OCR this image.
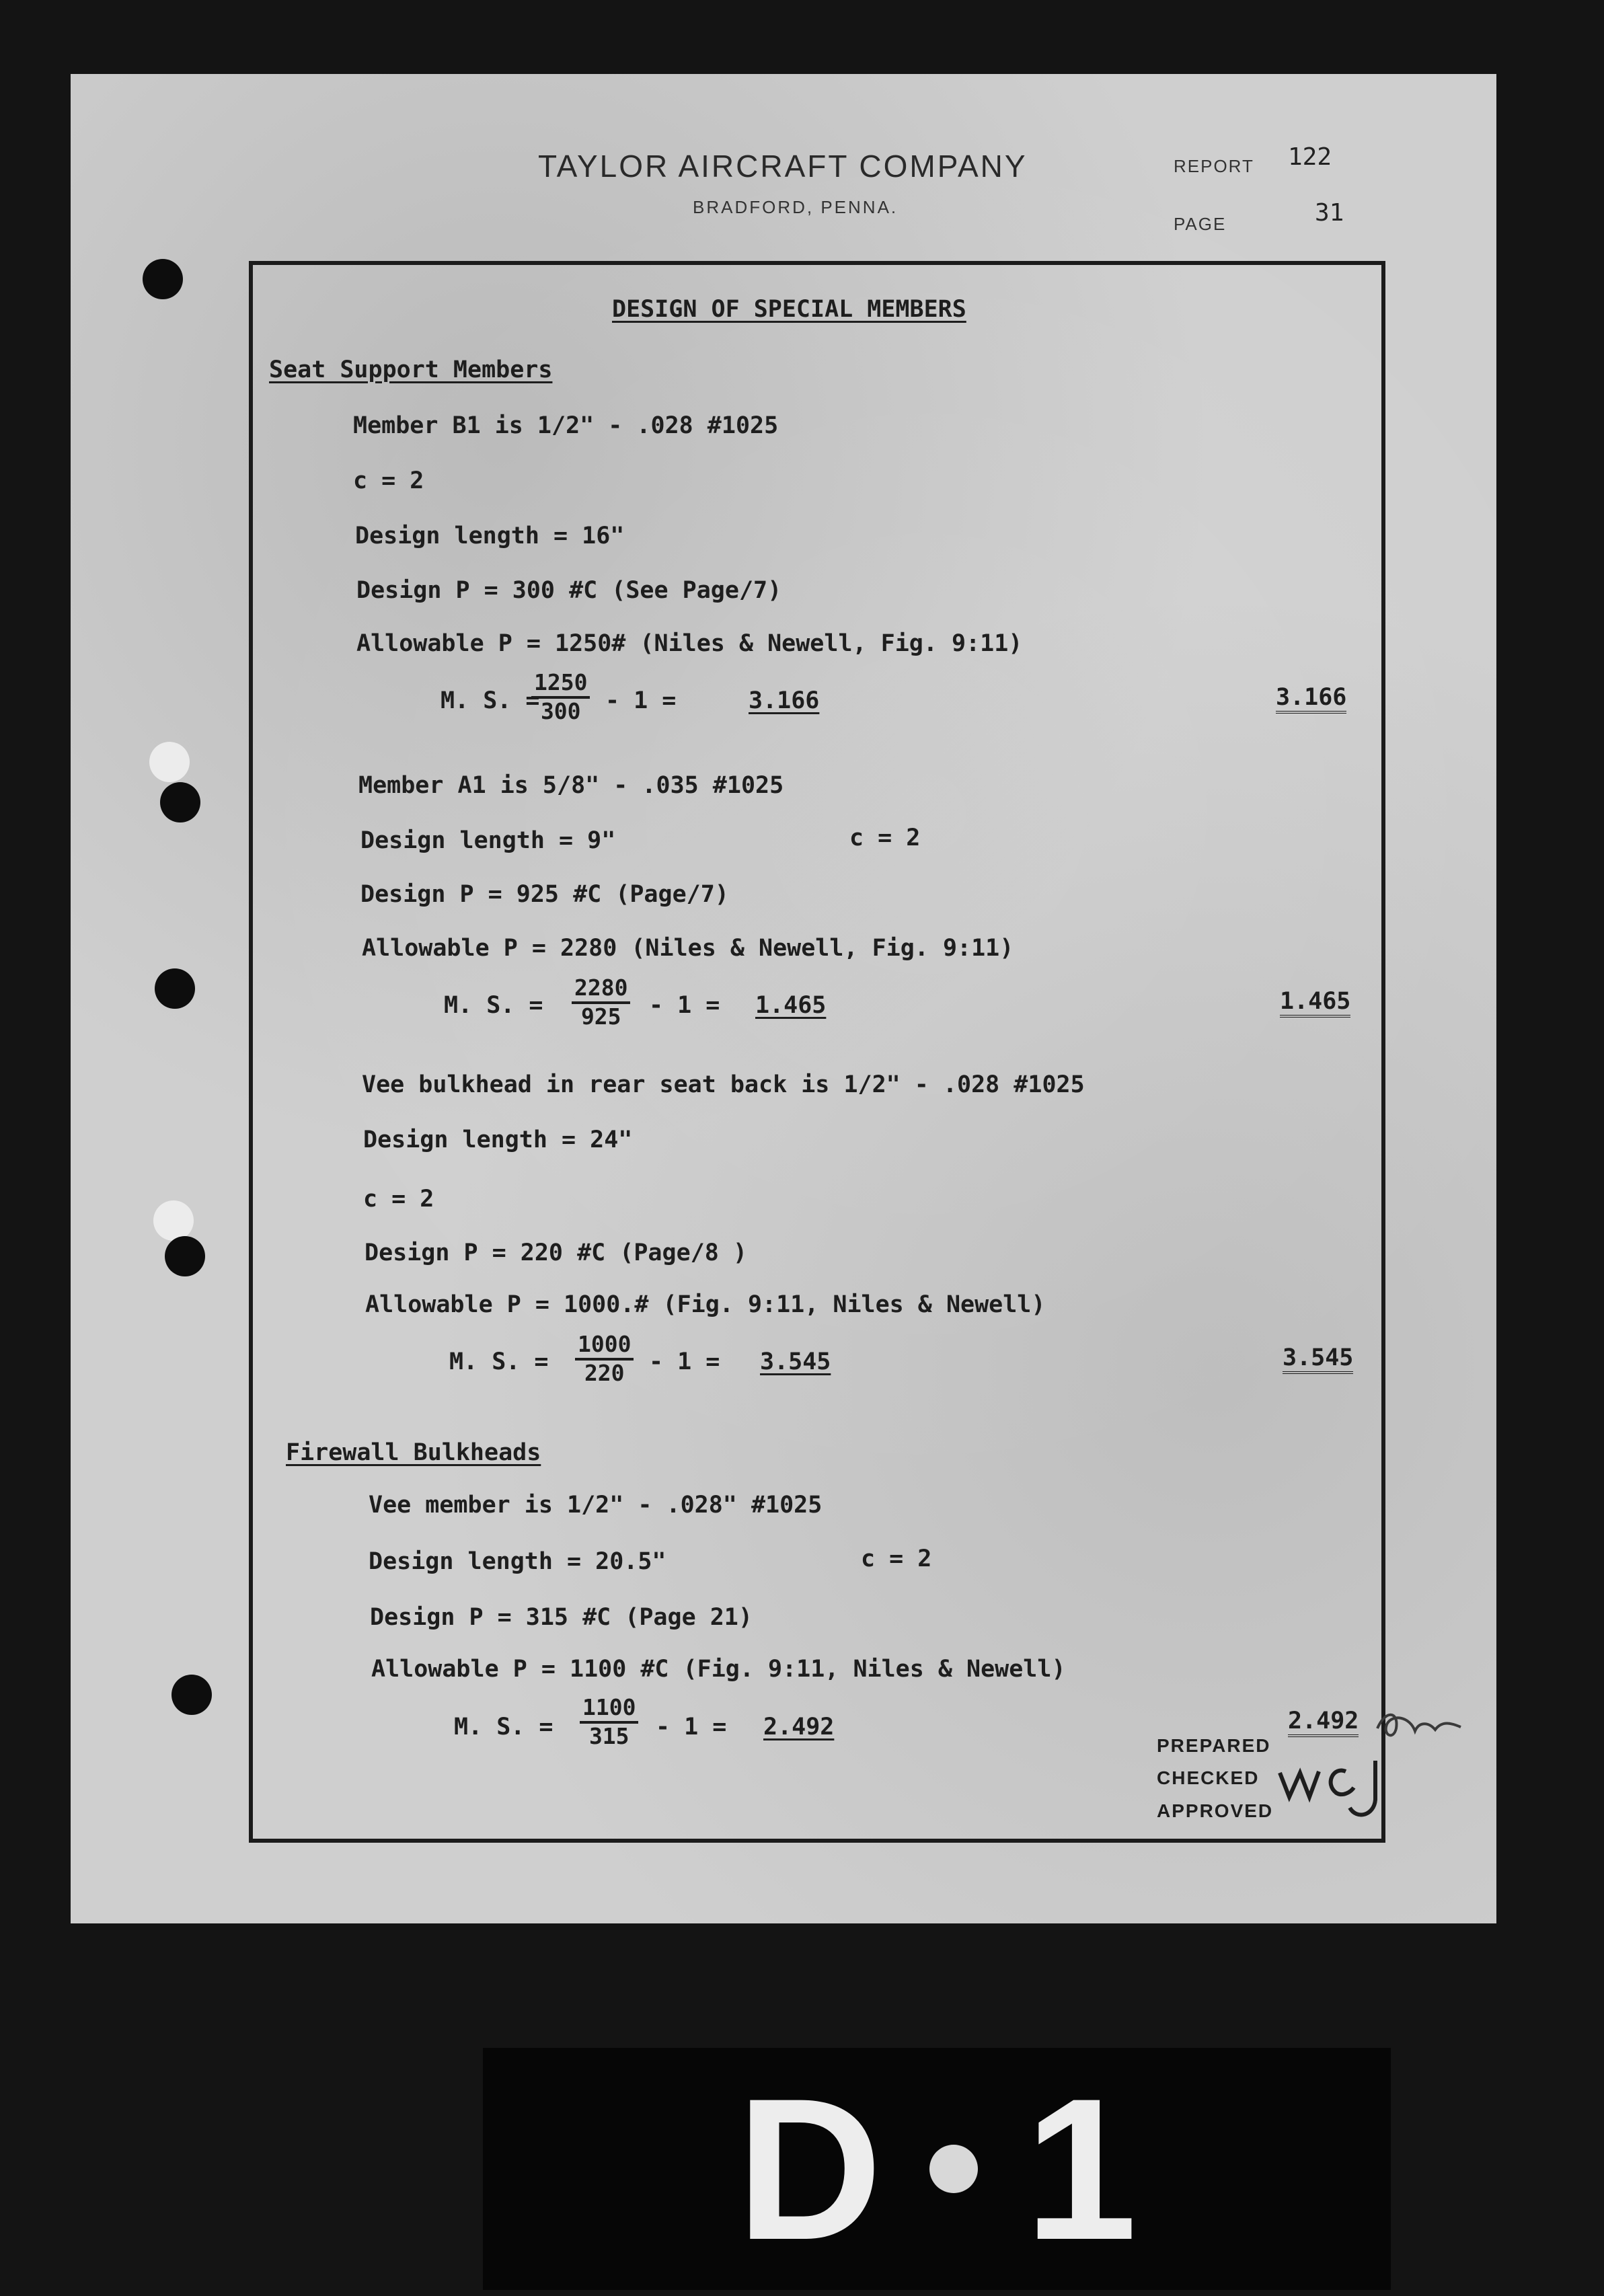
TAYLOR AIRCRAFT COMPANY
BRADFORD, PENNA.
REPORT 122
PAGE	31
DESIGN OF SPECIAL MEMBERS
Seat Support Members
Member B1 is 1/2" - .028 #1025
c = 2
Design length = 16"
Design P = 300 #C (See Page/7)
Allowable P = 1250# (Niles & Newell, Fig. 9:11)
M. S. =
$\frac{1250}{300} - 1$ =	3.166	3.166
Member A1 is 5/8" - .035 #1025
Design length = 9"	c = 2
Design P = 925 #C (Page/7)
Allowable P = 2280 (Niles & Newell, Fig. 9:11)
M. S. = $\frac{2280}{925} - 1 = 1.465$	1.465
Vee bulkhead in rear seat back is 1/2" - .028 #1025
Design length = 24"
c = 2
Design P = 220 #C (Page/8 )
Allowable P = 1000.# (Fig. 9:11, Niles & Newell)
M. S. = $\frac{1000}{220} - 1 = 3.545$	3.545
Firewall Bulkheads
Vee member is 1/2" - .028" #1025
Design length = 20.5"	c = 2
Design P = 315 #C (Page 21)
Allowable P = 1100 #C (Fig. 9:11, Niles & Newell)
M. S. = $\frac{1100}{315} - 1 = 2.492$	2.492
PREPARED
CHECKED
APPROVED
D 1
